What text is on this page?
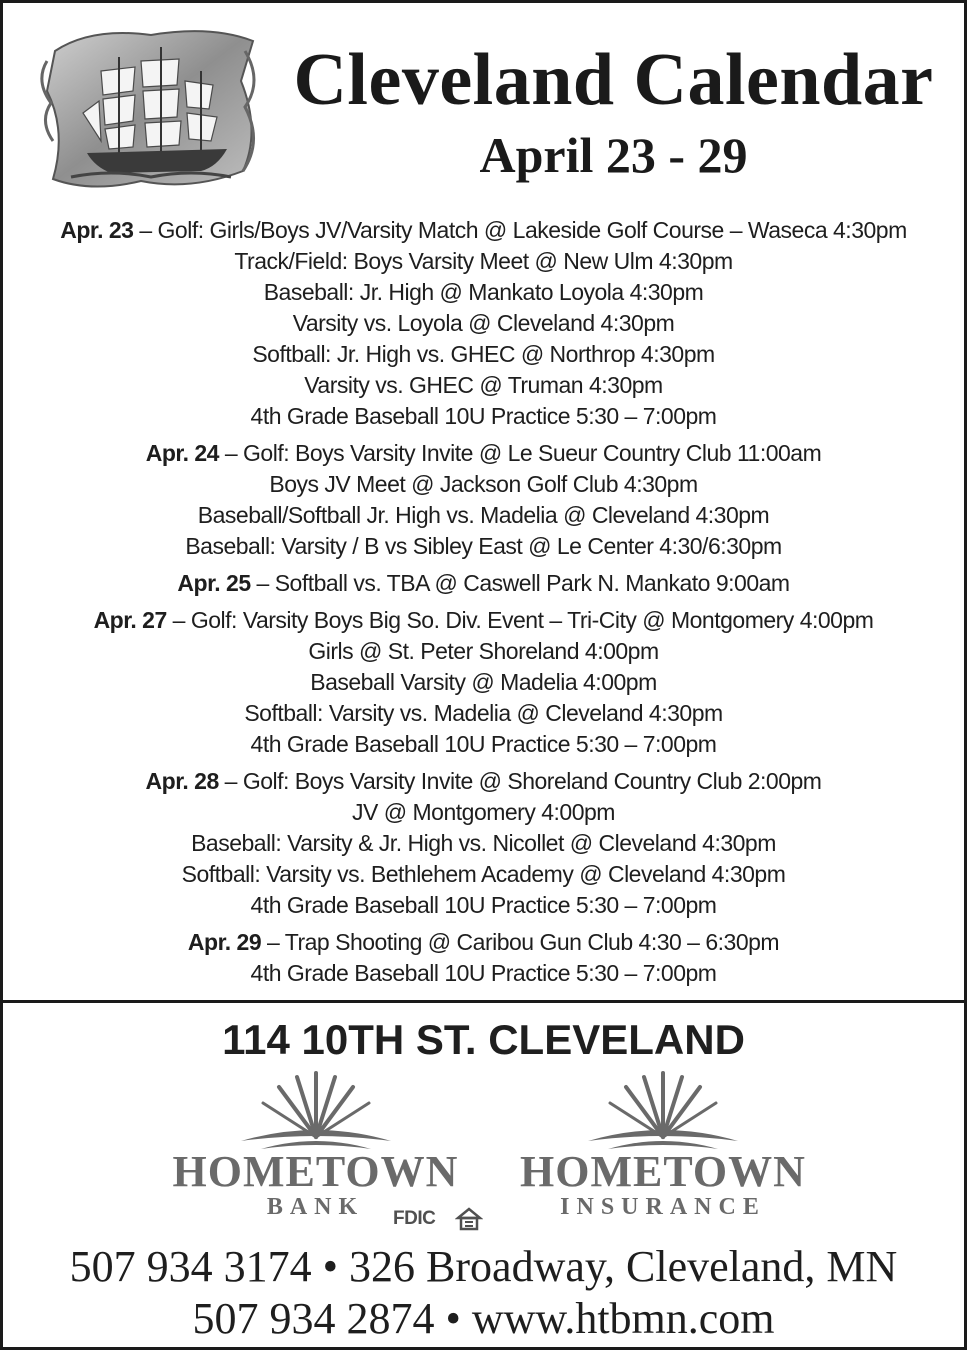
Cleveland Calendar
April 23 - 29
Apr. 23 – Golf: Girls/Boys JV/Varsity Match @ Lakeside Golf Course – Waseca 4:30pm
Track/Field: Boys Varsity Meet @ New Ulm 4:30pm
Baseball: Jr. High @ Mankato Loyola 4:30pm
Varsity vs. Loyola @ Cleveland 4:30pm
Softball: Jr. High vs. GHEC @ Northrop 4:30pm
Varsity vs. GHEC @ Truman 4:30pm
4th Grade Baseball 10U Practice 5:30 – 7:00pm
Apr. 24 – Golf: Boys Varsity Invite @ Le Sueur Country Club 11:00am
Boys JV Meet @ Jackson Golf Club 4:30pm
Baseball/Softball Jr. High vs. Madelia @ Cleveland 4:30pm
Baseball: Varsity / B vs Sibley East @ Le Center 4:30/6:30pm
Apr. 25 – Softball vs. TBA @ Caswell Park N. Mankato 9:00am
Apr. 27 – Golf: Varsity Boys Big So. Div. Event – Tri-City @ Montgomery 4:00pm
Girls @ St. Peter Shoreland 4:00pm
Baseball Varsity @ Madelia 4:00pm
Softball: Varsity vs. Madelia @ Cleveland 4:30pm
4th Grade Baseball 10U Practice 5:30 – 7:00pm
Apr. 28 – Golf: Boys Varsity Invite @ Shoreland Country Club 2:00pm
JV @ Montgomery 4:00pm
Baseball: Varsity & Jr. High vs. Nicollet @ Cleveland 4:30pm
Softball: Varsity vs. Bethlehem Academy @ Cleveland 4:30pm
4th Grade Baseball 10U Practice 5:30 – 7:00pm
Apr. 29 – Trap Shooting @ Caribou Gun Club 4:30 – 6:30pm
4th Grade Baseball 10U Practice 5:30 – 7:00pm
114 10TH ST. CLEVELAND
HOMETOWN
BANK
HOMETOWN
INSURANCE
FDIC
507 934 3174 • 326 Broadway, Cleveland, MN
507 934 2874 • www.htbmn.com
